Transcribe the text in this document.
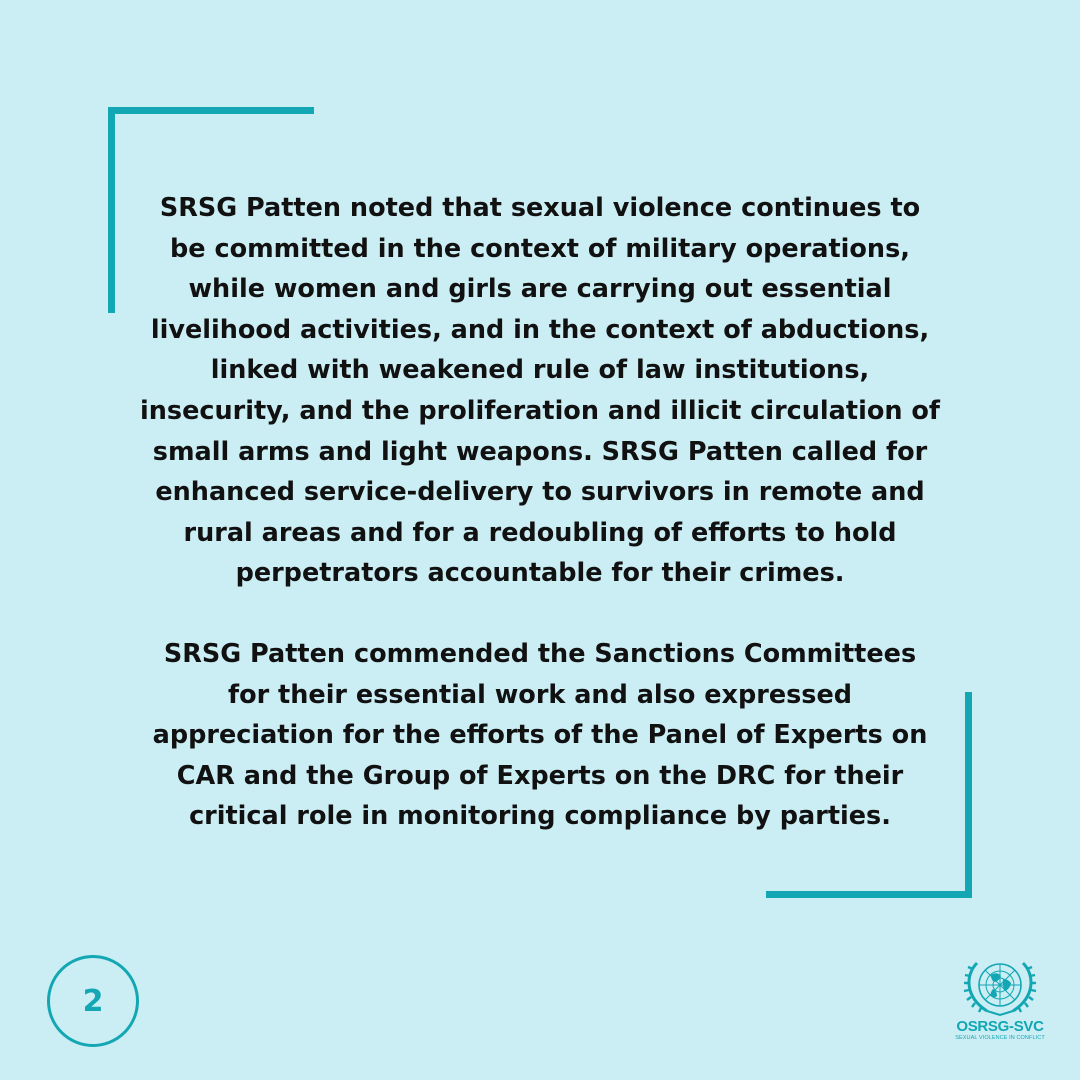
SRSG Patten noted that sexual violence continues to be committed in the context of military operations, while women and girls are carrying out essential livelihood activities, and in the context of abductions, linked with weakened rule of law institutions, insecurity, and the proliferation and illicit circulation of small arms and light weapons. SRSG Patten called for enhanced service-delivery to survivors in remote and rural areas and for a redoubling of efforts to hold perpetrators accountable for their crimes.

SRSG Patten commended the Sanctions Committees for their essential work and also expressed appreciation for the efforts of the Panel of Experts on CAR and the Group of Experts on the DRC for their critical role in monitoring compliance by parties.

2
OSRSG-SVC
SEXUAL VIOLENCE IN CONFLICT
